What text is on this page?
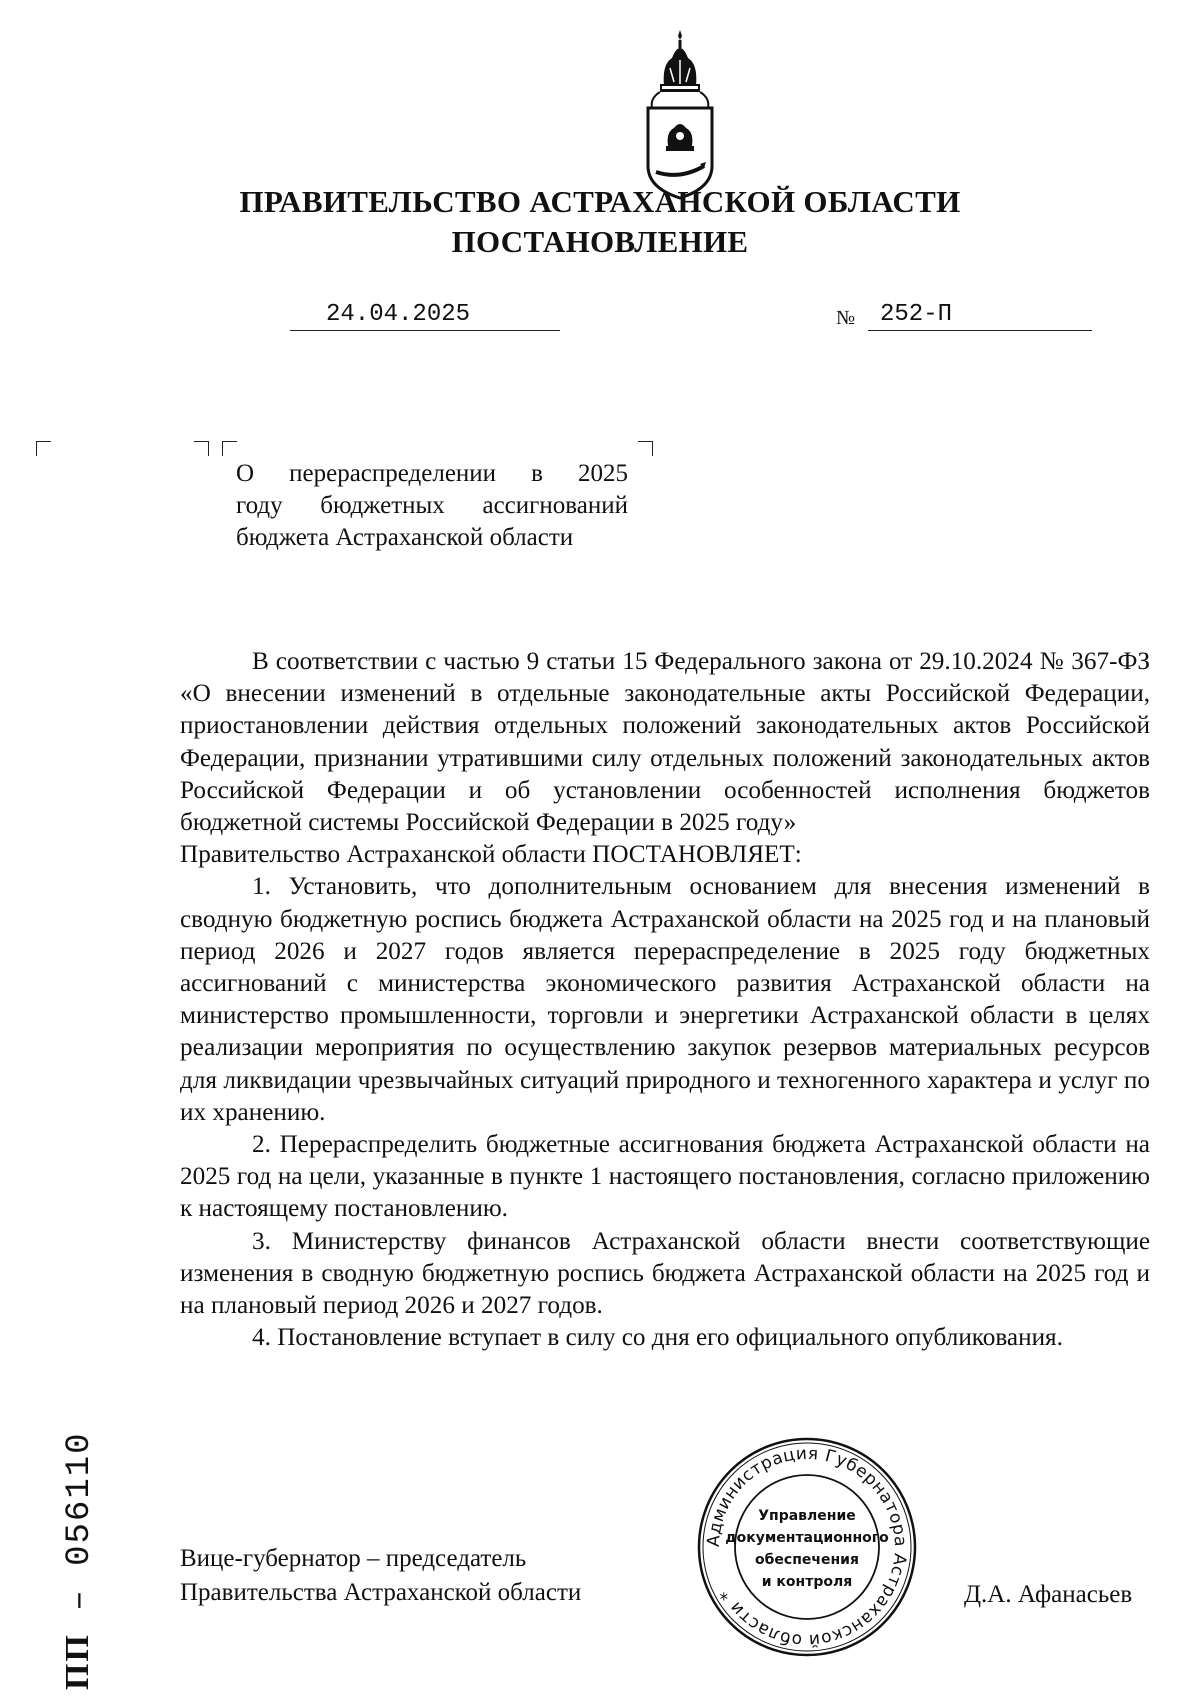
ПРАВИТЕЛЬСТВО АСТРАХАНСКОЙ ОБЛАСТИ
ПОСТАНОВЛЕНИЕ
24.04.2025	№	252-П

О перераспределении в 2025
году бюджетных ассигнований
бюджета Астраханской области

В соответствии с частью 9 статьи 15 Федерального закона от 29.10.2024 № 367-ФЗ «О внесении изменений в отдельные законодательные акты Российской Федерации, приостановлении действия отдельных положений законодательных актов Российской Федерации, признании утратившими силу отдельных положений законодательных актов Российской Федерации и об установлении особенностей исполнения бюджетов бюджетной системы Российской Федерации в 2025 году»

Правительство Астраханской области ПОСТАНОВЛЯЕТ:

1. Установить, что дополнительным основанием для внесения изменений в сводную бюджетную роспись бюджета Астраханской области на 2025 год и на плановый период 2026 и 2027 годов является перераспределение в 2025 году бюджетных ассигнований с министерства экономического развития Астраханской области на министерство промышленности, торговли и энергетики Астраханской области в целях реализации мероприятия по осуществлению закупок резервов материальных ресурсов для ликвидации чрезвычайных ситуаций природного и техногенного характера и услуг по их хранению.

2. Перераспределить бюджетные ассигнования бюджета Астраханской области на 2025 год на цели, указанные в пункте 1 настоящего постановления, согласно приложению к настоящему постановлению.

3. Министерству финансов Астраханской области внести соответствующие изменения в сводную бюджетную роспись бюджета Астраханской области на 2025 год и на плановый период 2026 и 2027 годов.

4. Постановление вступает в силу со дня его официального опубликования.

Вице-губернатор – председатель
Правительства Астраханской области	Д.А. Афанасьев
Администрация Губернатора Астраханской области *
Управление
документационного
обеспечения
и контроля
ПП – 056110
